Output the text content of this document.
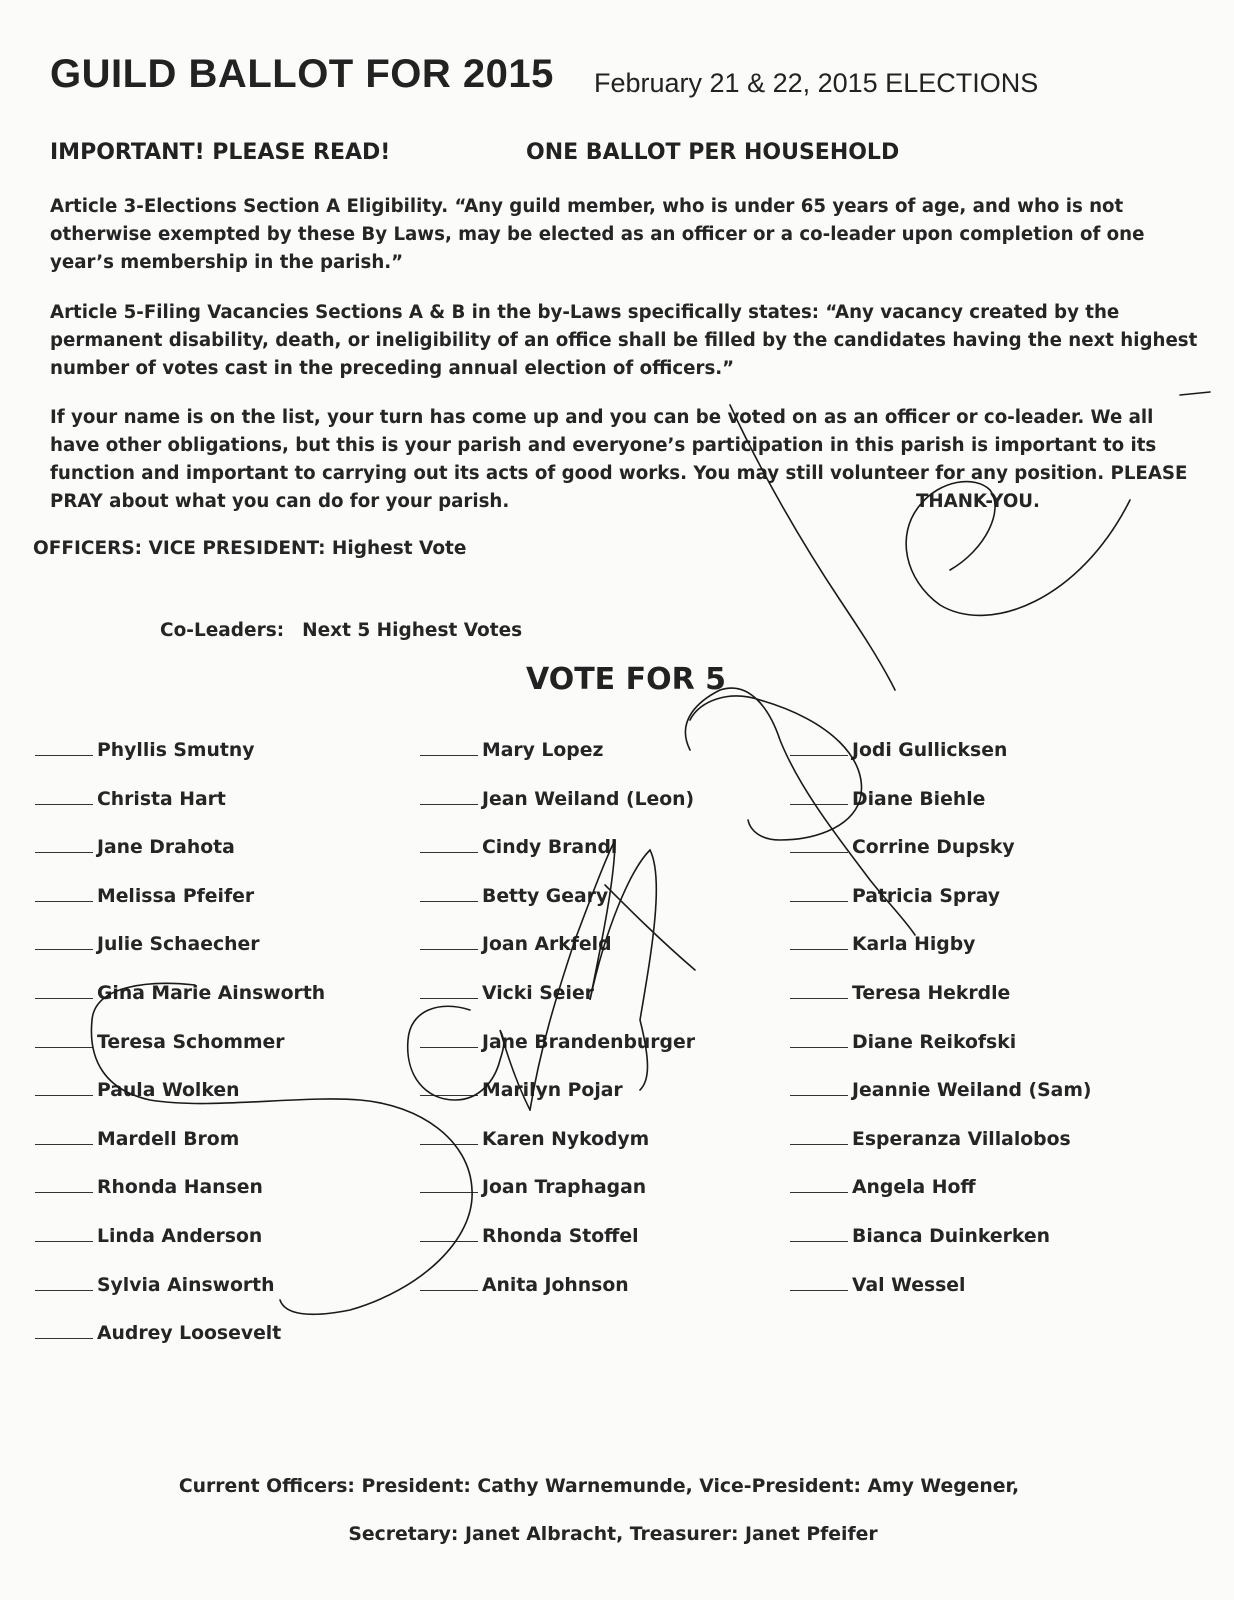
GUILD BALLOT FOR 2015 February 21 & 22, 2015 ELECTIONS
IMPORTANT! PLEASE READ!	ONE BALLOT PER HOUSEHOLD

Article 3-Elections Section A Eligibility. “Any guild member, who is under 65 years of age, and who is not otherwise exempted by these By Laws, may be elected as an officer or a co-leader upon completion of one year’s membership in the parish.”

Article 5-Filing Vacancies Sections A & B in the by-Laws specifically states: “Any vacancy created by the permanent disability, death, or ineligibility of an office shall be filled by the candidates having the next highest number of votes cast in the preceding annual election of officers.”

If your name is on the list, your turn has come up and you can be voted on as an officer or co-leader. We all have other obligations, but this is your parish and everyone’s participation in this parish is important to its function and important to carrying out its acts of good works. You may still volunteer for any position. PLEASE PRAY about what you can do for your parish.	THANK-YOU.
OFFICERS: VICE PRESIDENT: Highest Vote
Co-Leaders: Next 5 Highest Votes
VOTE FOR 5
Phyllis Smutny
Christa Hart
Jane Drahota
Melissa Pfeifer
Julie Schaecher
Gina Marie Ainsworth
Teresa Schommer
Paula Wolken
Mardell Brom
Rhonda Hansen
Linda Anderson
Sylvia Ainsworth
Audrey Loosevelt
Mary Lopez
Jean Weiland (Leon)
Cindy Brandl
Betty Geary
Joan Arkfeld
Vicki Seier
Jane Brandenburger
Marilyn Pojar
Karen Nykodym
Joan Traphagan
Rhonda Stoffel
Anita Johnson
Jodi Gullicksen
Diane Biehle
Corrine Dupsky
Patricia Spray
Karla Higby
Teresa Hekrdle
Diane Reikofski
Jeannie Weiland (Sam)
Esperanza Villalobos
Angela Hoff
Bianca Duinkerken
Val Wessel
Current Officers: President: Cathy Warnemunde, Vice-President: Amy Wegener,
Secretary: Janet Albracht, Treasurer: Janet Pfeifer
